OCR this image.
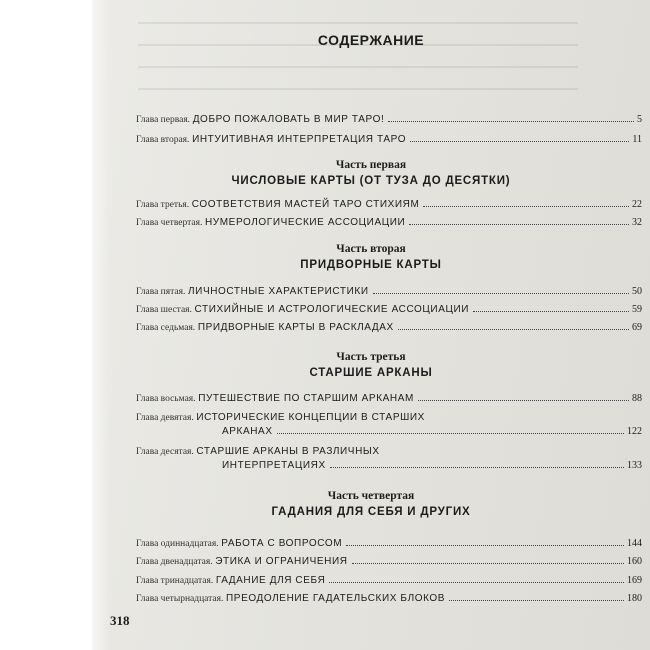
СОДЕРЖАНИЕ
Глава первая. ДОБРО ПОЖАЛОВАТЬ В МИР ТАРО!	5
Глава вторая. ИНТУИТИВНАЯ ИНТЕРПРЕТАЦИЯ ТАРО	11
Часть первая
ЧИСЛОВЫЕ КАРТЫ (ОТ ТУЗА ДО ДЕСЯТКИ)
Глава третья. СООТВЕТСТВИЯ МАСТЕЙ ТАРО СТИХИЯМ	22
Глава четвертая. НУМЕРОЛОГИЧЕСКИЕ АССОЦИАЦИИ	32
Часть вторая
ПРИДВОРНЫЕ КАРТЫ
Глава пятая. ЛИЧНОСТНЫЕ ХАРАКТЕРИСТИКИ	50
Глава шестая. СТИХИЙНЫЕ И АСТРОЛОГИЧЕСКИЕ АССОЦИАЦИИ	59
Глава седьмая. ПРИДВОРНЫЕ КАРТЫ В РАСКЛАДАХ	69
Часть третья
СТАРШИЕ АРКАНЫ
Глава восьмая. ПУТЕШЕСТВИЕ ПО СТАРШИМ АРКАНАМ	88
Глава девятая. ИСТОРИЧЕСКИЕ КОНЦЕПЦИИ В СТАРШИХ
АРКАНАХ	122
Глава десятая. СТАРШИЕ АРКАНЫ В РАЗЛИЧНЫХ
ИНТЕРПРЕТАЦИЯХ	133
Часть четвертая
ГАДАНИЯ ДЛЯ СЕБЯ И ДРУГИХ
Глава одиннадцатая. РАБОТА С ВОПРОСОМ	144
Глава двенадцатая. ЭТИКА И ОГРАНИЧЕНИЯ	160
Глава тринадцатая. ГАДАНИЕ ДЛЯ СЕБЯ	169
Глава четырнадцатая. ПРЕОДОЛЕНИЕ ГАДАТЕЛЬСКИХ БЛОКОВ	180
318
